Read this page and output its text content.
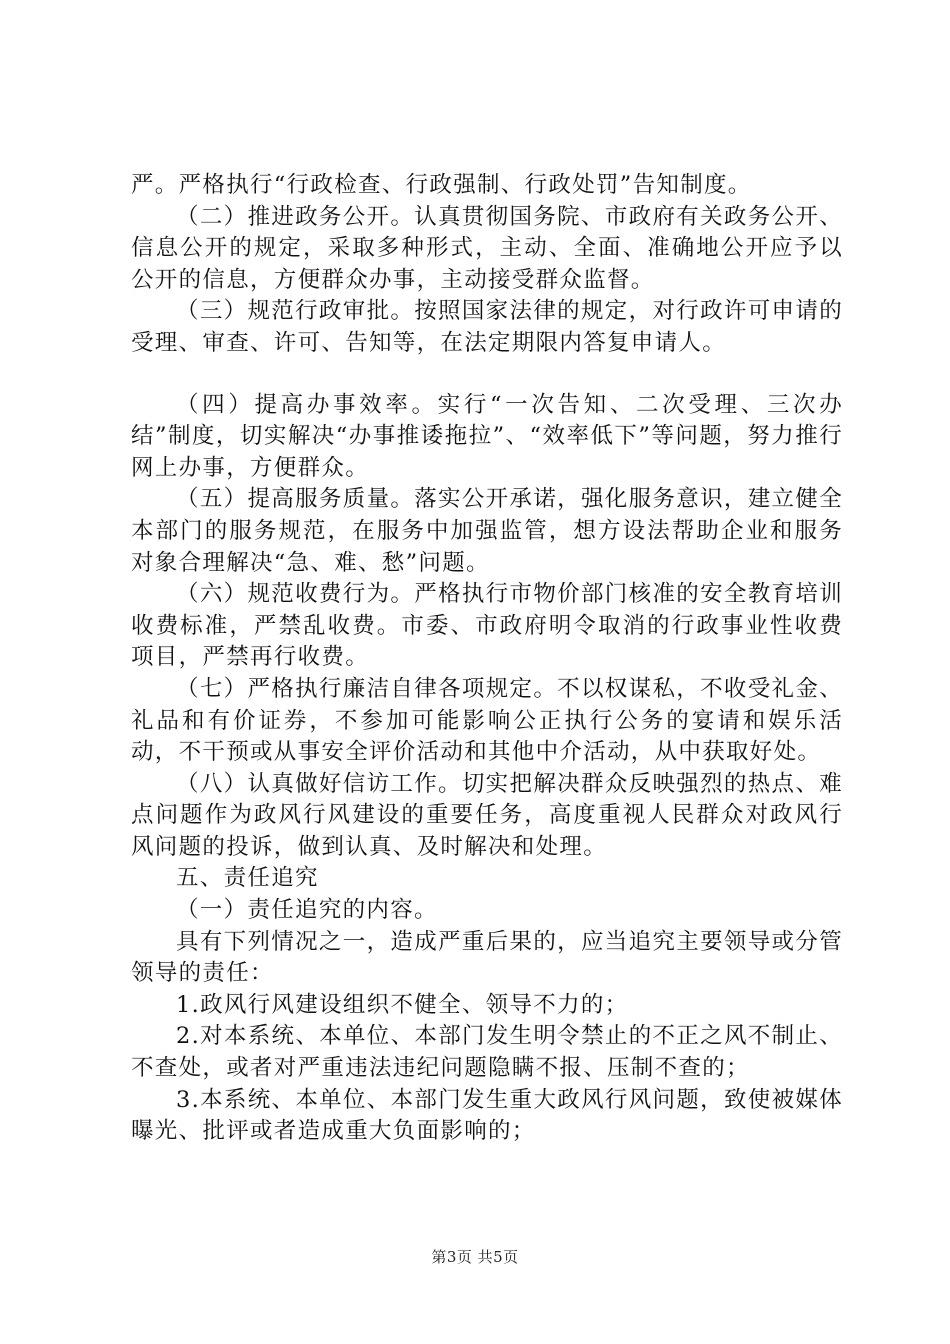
严。严格执行“行政检查、行政强制、行政处罚”告知制度。

（二）推进政务公开。认真贯彻国务院、市政府有关政务公开、信息公开的规定，采取多种形式，主动、全面、准确地公开应予以公开的信息，方便群众办事，主动接受群众监督。

（三）规范行政审批。按照国家法律的规定，对行政许可申请的受理、审查、许可、告知等，在法定期限内答复申请人。

（四）提高办事效率。实行“一次告知、二次受理、三次办结”制度，切实解决“办事推诿拖拉”、“效率低下”等问题，努力推行网上办事，方便群众。

（五）提高服务质量。落实公开承诺，强化服务意识，建立健全本部门的服务规范，在服务中加强监管，想方设法帮助企业和服务对象合理解决“急、难、愁”问题。

（六）规范收费行为。严格执行市物价部门核准的安全教育培训收费标准，严禁乱收费。市委、市政府明令取消的行政事业性收费项目，严禁再行收费。

（七）严格执行廉洁自律各项规定。不以权谋私，不收受礼金、礼品和有价证券，不参加可能影响公正执行公务的宴请和娱乐活动，不干预或从事安全评价活动和其他中介活动，从中获取好处。

（八）认真做好信访工作。切实把解决群众反映强烈的热点、难点问题作为政风行风建设的重要任务，高度重视人民群众对政风行风问题的投诉，做到认真、及时解决和处理。

五、责任追究

（一）责任追究的内容。

具有下列情况之一，造成严重后果的，应当追究主要领导或分管领导的责任：

1.政风行风建设组织不健全、领导不力的；

2.对本系统、本单位、本部门发生明令禁止的不正之风不制止、不查处，或者对严重违法违纪问题隐瞒不报、压制不查的；

3.本系统、本单位、本部门发生重大政风行风问题，致使被媒体曝光、批评或者造成重大负面影响的；

第3页 共5页
